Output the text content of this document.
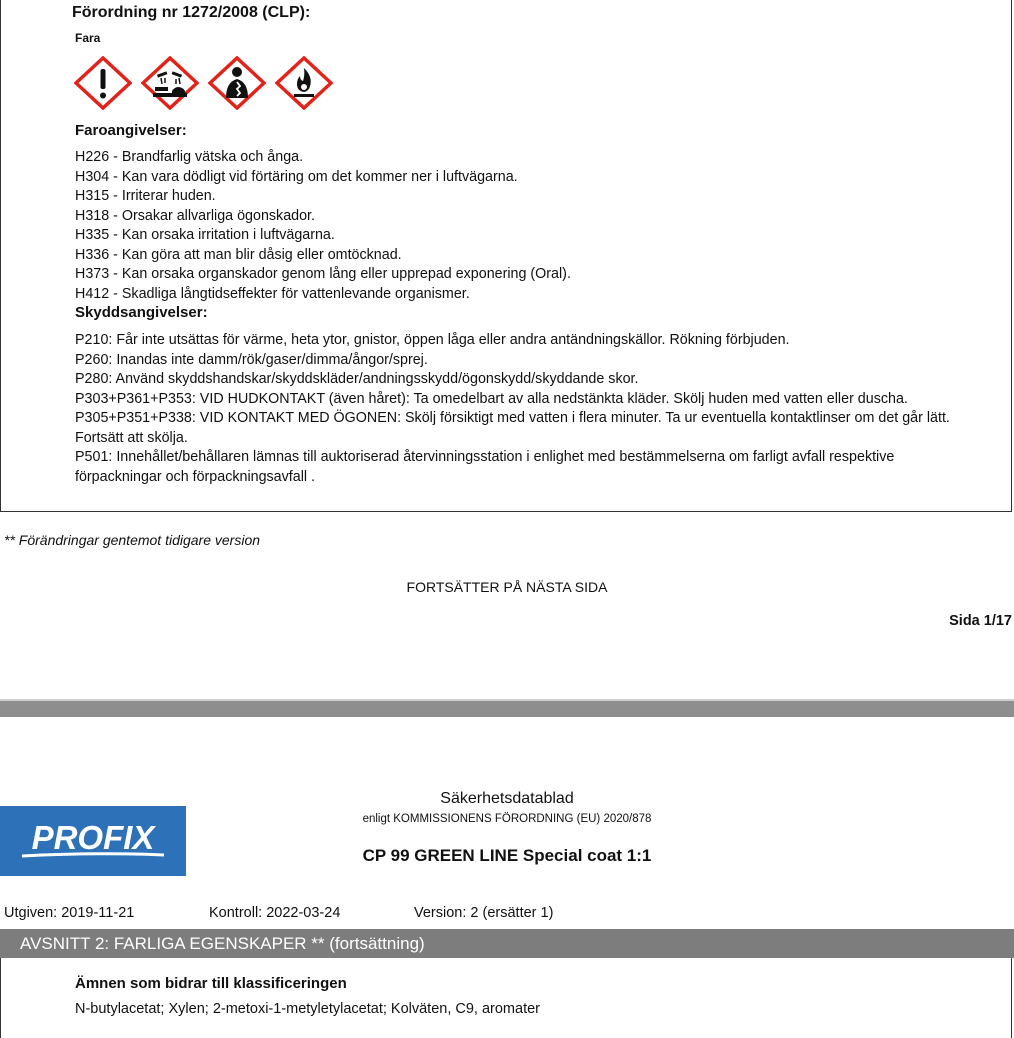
Förordning nr 1272/2008 (CLP):
Fara
Faroangivelser:
H226 - Brandfarlig vätska och ånga.
H304 - Kan vara dödligt vid förtäring om det kommer ner i luftvägarna.
H315 - Irriterar huden.
H318 - Orsakar allvarliga ögonskador.
H335 - Kan orsaka irritation i luftvägarna.
H336 - Kan göra att man blir dåsig eller omtöcknad.
H373 - Kan orsaka organskador genom lång eller upprepad exponering (Oral).
H412 - Skadliga långtidseffekter för vattenlevande organismer.
Skyddsangivelser:
P210: Får inte utsättas för värme, heta ytor, gnistor, öppen låga eller andra antändningskällor. Rökning förbjuden.
P260: Inandas inte damm/rök/gaser/dimma/ångor/sprej.
P280: Använd skyddshandskar/skyddskläder/andningsskydd/ögonskydd/skyddande skor.
P303+P361+P353: VID HUDKONTAKT (även håret): Ta omedelbart av alla nedstänkta kläder. Skölj huden med vatten eller duscha.
P305+P351+P338: VID KONTAKT MED ÖGONEN: Skölj försiktigt med vatten i flera minuter. Ta ur eventuella kontaktlinser om det går lätt. Fortsätt att skölja.
P501: Innehållet/behållaren lämnas till auktoriserad återvinningsstation i enlighet med bestämmelserna om farligt avfall respektive förpackningar och förpackningsavfall .
** Förändringar gentemot tidigare version
FORTSÄTTER PÅ NÄSTA SIDA
Sida 1/17
PROFIX
Säkerhetsdatablad
enligt KOMMISSIONENS FÖRORDNING (EU) 2020/878
CP 99 GREEN LINE Special coat 1:1
Utgiven: 2019-11-21	Kontroll: 2022-03-24	Version: 2 (ersätter 1)
AVSNITT 2: FARLIGA EGENSKAPER ** (fortsättning)
Ämnen som bidrar till klassificeringen
N-butylacetat; Xylen; 2-metoxi-1-metyletylacetat; Kolväten, C9, aromater
